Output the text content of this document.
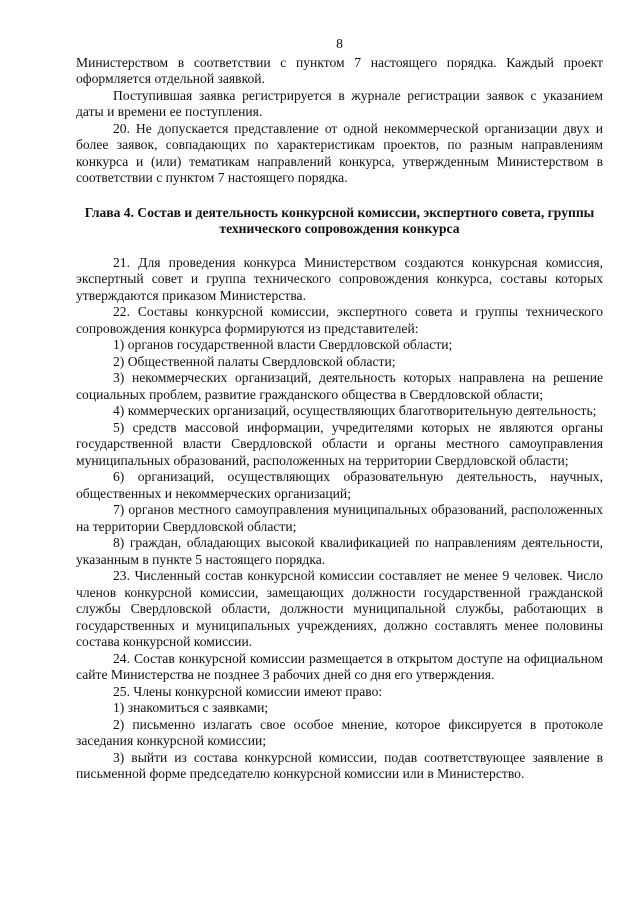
8

Министерством в соответствии с пунктом 7 настоящего порядка. Каждый проект оформляется отдельной заявкой.

Поступившая заявка регистрируется в журнале регистрации заявок с указанием даты и времени ее поступления.

20. Не допускается представление от одной некоммерческой организации двух и более заявок, совпадающих по характеристикам проектов, по разным направлениям конкурса и (или) тематикам направлений конкурса, утвержденным Министерством в соответствии с пунктом 7 настоящего порядка.

Глава 4. Состав и деятельность конкурсной комиссии, экспертного совета, группы технического сопровождения конкурса

21. Для проведения конкурса Министерством создаются конкурсная комиссия, экспертный совет и группа технического сопровождения конкурса, составы которых утверждаются приказом Министерства.

22. Составы конкурсной комиссии, экспертного совета и группы технического сопровождения конкурса формируются из представителей:

1) органов государственной власти Свердловской области;

2) Общественной палаты Свердловской области;

3) некоммерческих организаций, деятельность которых направлена на решение социальных проблем, развитие гражданского общества в Свердловской области;

4) коммерческих организаций, осуществляющих благотворительную деятельность;

5) средств массовой информации, учредителями которых не являются органы государственной власти Свердловской области и органы местного самоуправления муниципальных образований, расположенных на территории Свердловской области;

6) организаций, осуществляющих образовательную деятельность, научных, общественных и некоммерческих организаций;

7) органов местного самоуправления муниципальных образований, расположенных на территории Свердловской области;

8) граждан, обладающих высокой квалификацией по направлениям деятельности, указанным в пункте 5 настоящего порядка.

23. Численный состав конкурсной комиссии составляет не менее 9 человек. Число членов конкурсной комиссии, замещающих должности государственной гражданской службы Свердловской области, должности муниципальной службы, работающих в государственных и муниципальных учреждениях, должно составлять менее половины состава конкурсной комиссии.

24. Состав конкурсной комиссии размещается в открытом доступе на официальном сайте Министерства не позднее 3 рабочих дней со дня его утверждения.

25. Члены конкурсной комиссии имеют право:

1) знакомиться с заявками;

2) письменно излагать свое особое мнение, которое фиксируется в протоколе заседания конкурсной комиссии;

3) выйти из состава конкурсной комиссии, подав соответствующее заявление в письменной форме председателю конкурсной комиссии или в Министерство.
